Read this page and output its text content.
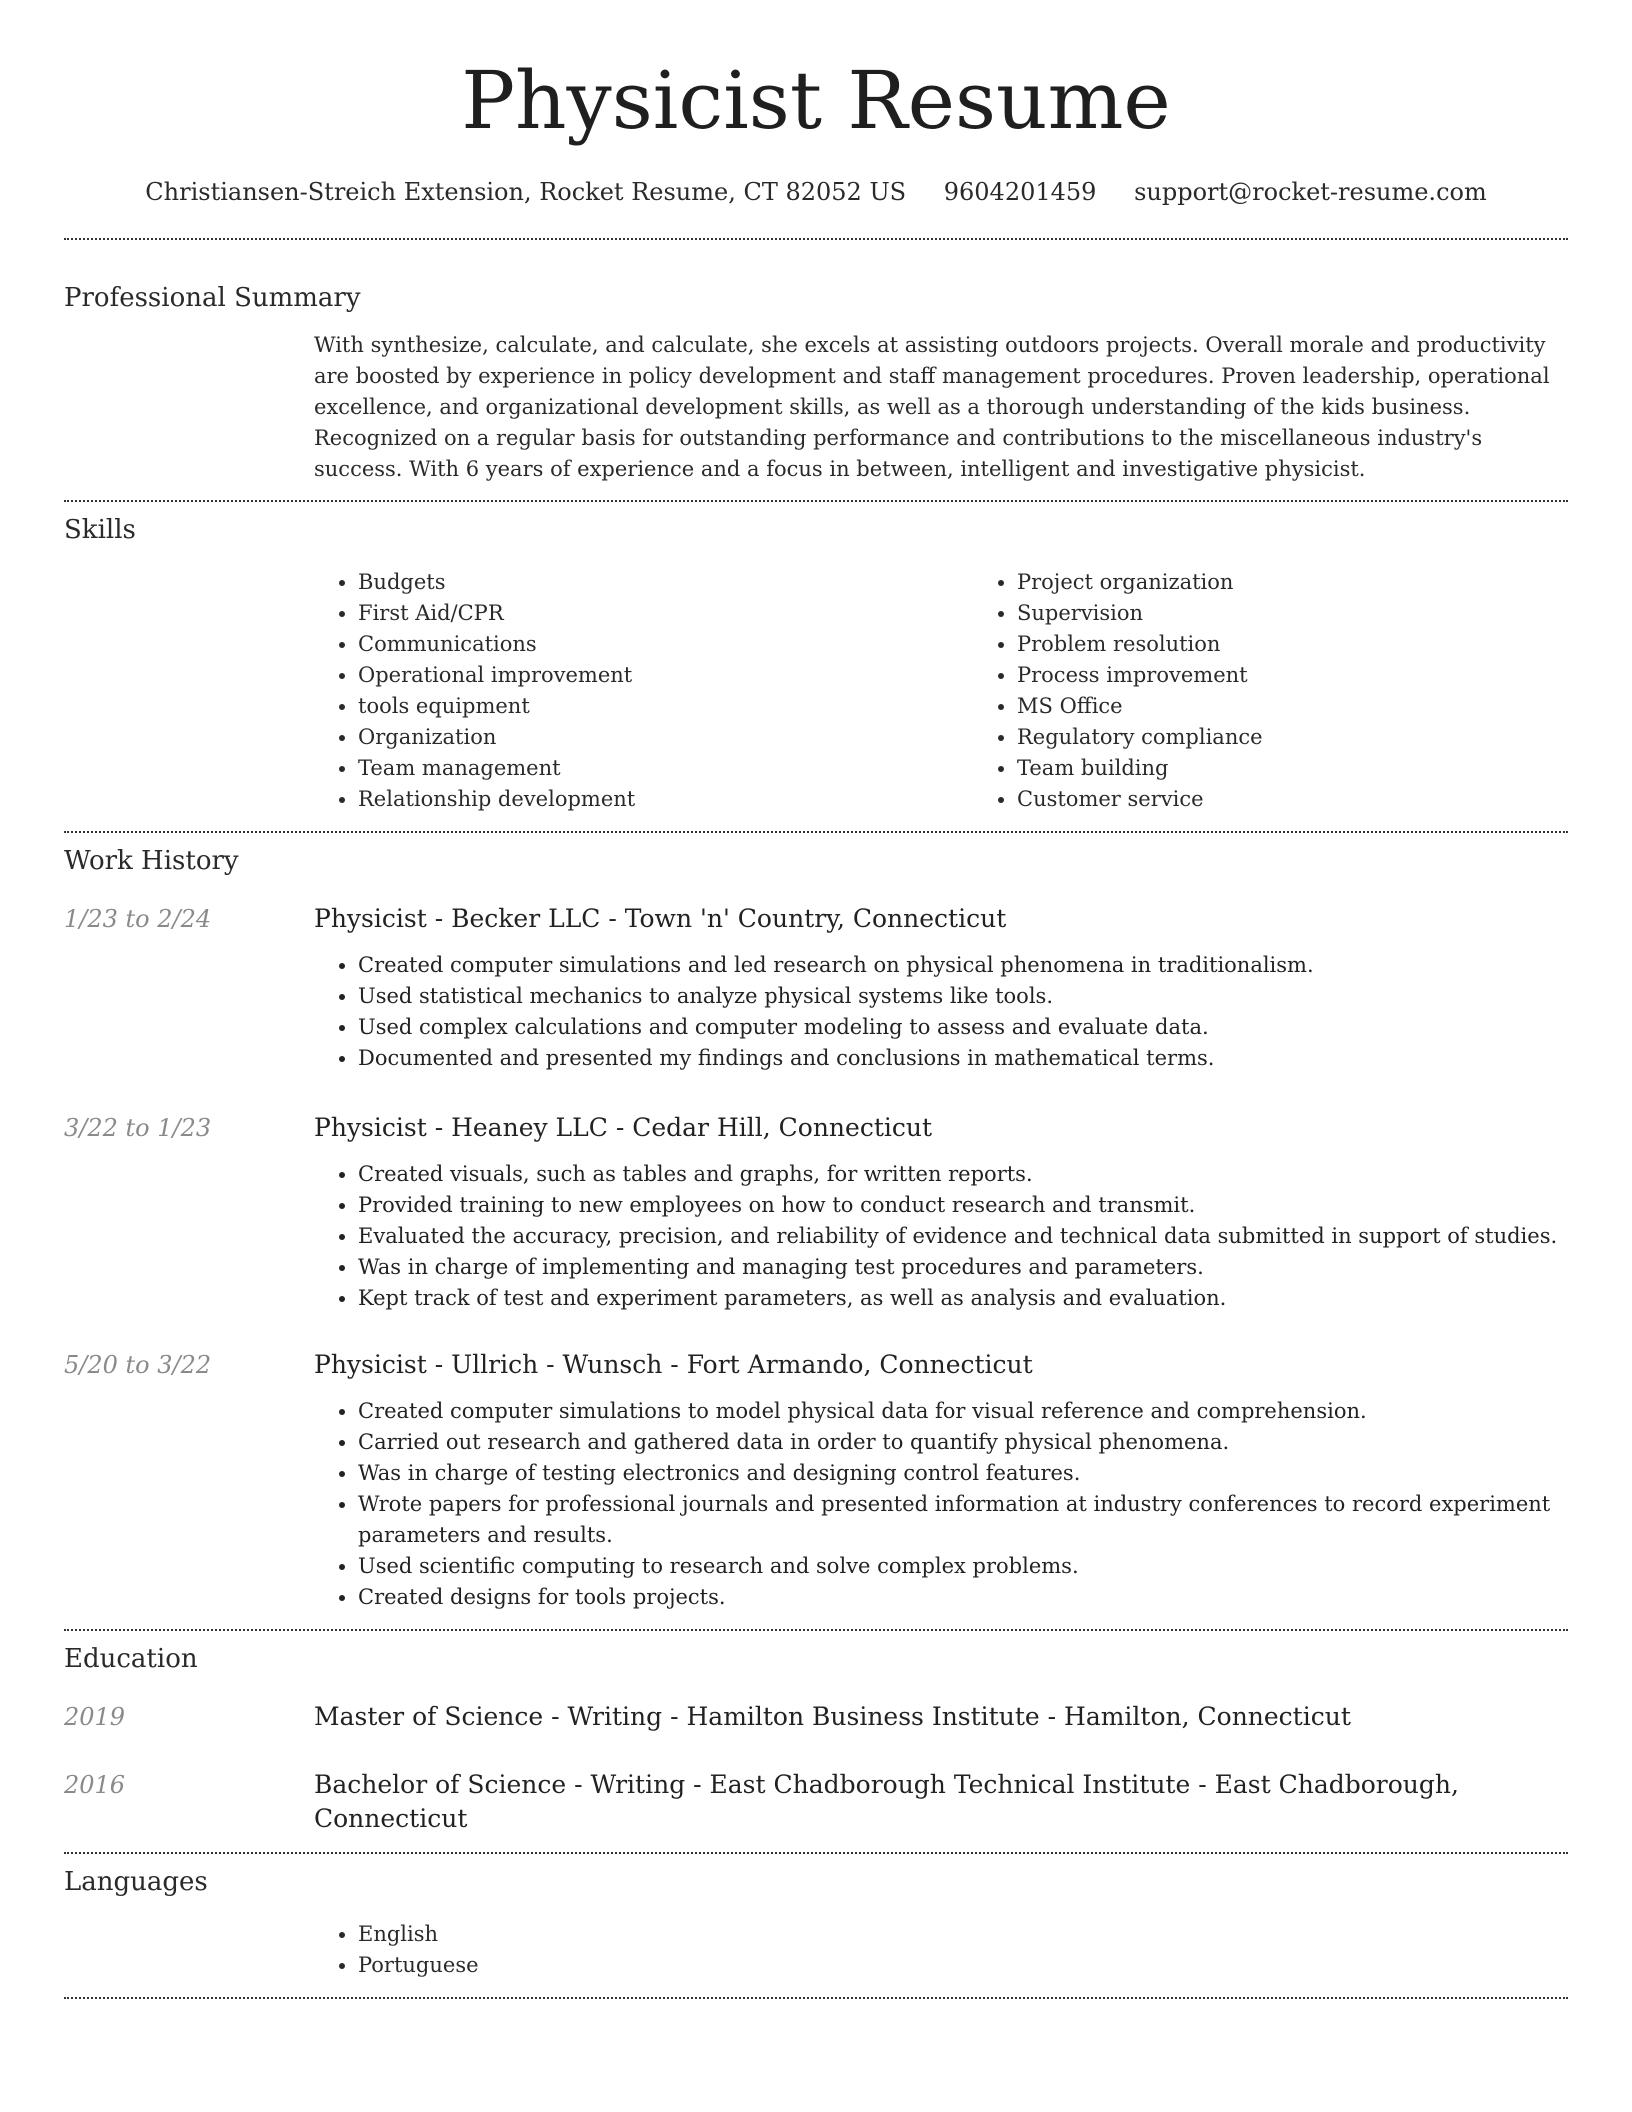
Physicist Resume
Christiansen-Streich Extension, Rocket Resume, CT 82052 US 9604201459 support@rocket-resume.com
Professional Summary
With synthesize, calculate, and calculate, she excels at assisting outdoors projects. Overall morale and productivity are boosted by experience in policy development and staff management procedures. Proven leadership, operational excellence, and organizational development skills, as well as a thorough understanding of the kids business. Recognized on a regular basis for outstanding performance and contributions to the miscellaneous industry's success. With 6 years of experience and a focus in between, intelligent and investigative physicist.
Skills
• Budgets
• First Aid/CPR
• Communications
• Operational improvement
• tools equipment
• Organization
• Team management
• Relationship development
• Project organization
• Supervision
• Problem resolution
• Process improvement
• MS Office
• Regulatory compliance
• Team building
• Customer service
Work History
1/23 to 2/24	Physicist - Becker LLC - Town 'n' Country, Connecticut
• Created computer simulations and led research on physical phenomena in traditionalism.
• Used statistical mechanics to analyze physical systems like tools.
• Used complex calculations and computer modeling to assess and evaluate data.
• Documented and presented my findings and conclusions in mathematical terms.
3/22 to 1/23	Physicist - Heaney LLC - Cedar Hill, Connecticut
• Created visuals, such as tables and graphs, for written reports.
• Provided training to new employees on how to conduct research and transmit.
• Evaluated the accuracy, precision, and reliability of evidence and technical data submitted in support of studies.
• Was in charge of implementing and managing test procedures and parameters.
• Kept track of test and experiment parameters, as well as analysis and evaluation.
5/20 to 3/22	Physicist - Ullrich - Wunsch - Fort Armando, Connecticut
• Created computer simulations to model physical data for visual reference and comprehension.
• Carried out research and gathered data in order to quantify physical phenomena.
• Was in charge of testing electronics and designing control features.
• Wrote papers for professional journals and presented information at industry conferences to record experiment parameters and results.
• Used scientific computing to research and solve complex problems.
• Created designs for tools projects.
Education
2019	Master of Science - Writing - Hamilton Business Institute - Hamilton, Connecticut
2016	Bachelor of Science - Writing - East Chadborough Technical Institute - East Chadborough, Connecticut
Languages
• English
• Portuguese
